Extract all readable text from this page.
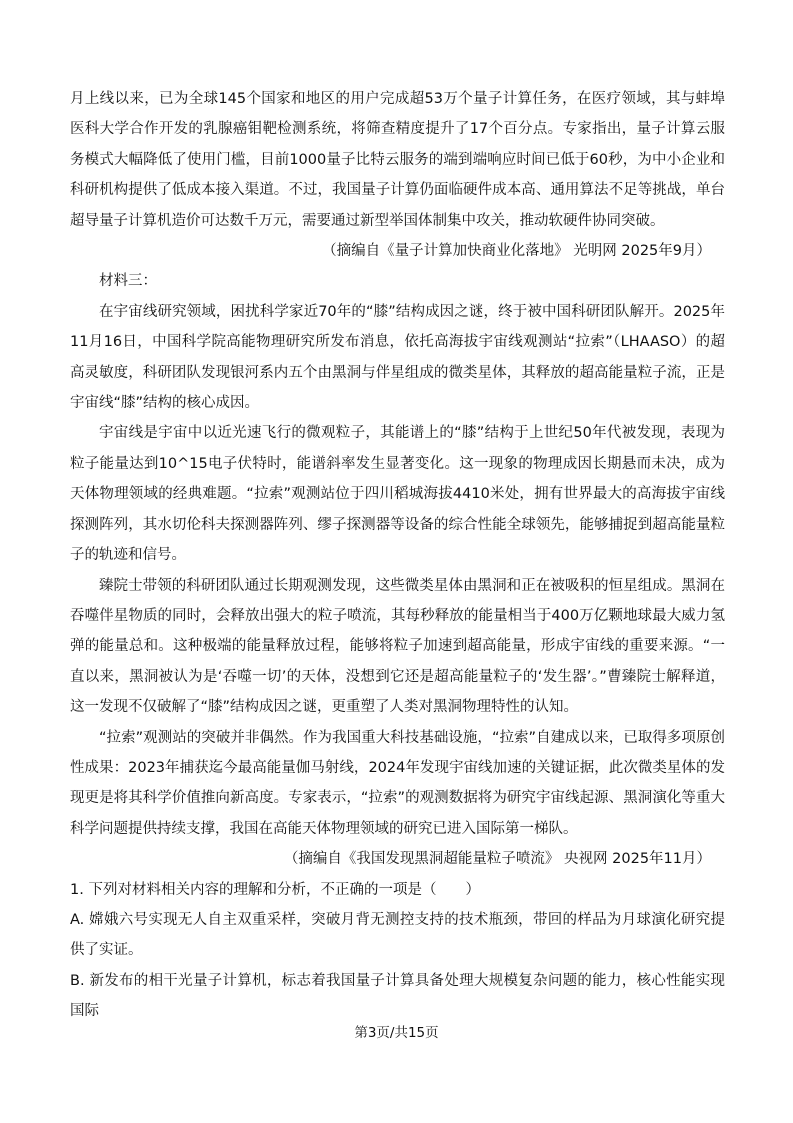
月上线以来，已为全球145个国家和地区的用户完成超53万个量子计算任务，在医疗领域，其与蚌埠医科大学合作开发的乳腺癌钼靶检测系统，将筛查精度提升了17个百分点。专家指出，量子计算云服务模式大幅降低了使用门槛，目前1000量子比特云服务的端到端响应时间已低于60秒，为中小企业和科研机构提供了低成本接入渠道。不过，我国量子计算仍面临硬件成本高、通用算法不足等挑战，单台超导量子计算机造价可达数千万元，需要通过新型举国体制集中攻关，推动软硬件协同突破。

（摘编自《量子计算加快商业化落地》 光明网 2025年9月）

材料三：

在宇宙线研究领域，困扰科学家近70年的“膝”结构成因之谜，终于被中国科研团队解开。2025年11月16日，中国科学院高能物理研究所发布消息，依托高海拔宇宙线观测站“拉索”（LHAASO）的超高灵敏度，科研团队发现银河系内五个由黑洞与伴星组成的微类星体，其释放的超高能量粒子流，正是宇宙线“膝”结构的核心成因。

宇宙线是宇宙中以近光速飞行的微观粒子，其能谱上的“膝”结构于上世纪50年代被发现，表现为粒子能量达到10^15电子伏特时，能谱斜率发生显著变化。这一现象的物理成因长期悬而未决，成为天体物理领域的经典难题。“拉索”观测站位于四川稻城海拔4410米处，拥有世界最大的高海拔宇宙线探测阵列，其水切伦科夫探测器阵列、缪子探测器等设备的综合性能全球领先，能够捕捉到超高能量粒子的轨迹和信号。

臻院士带领的科研团队通过长期观测发现，这些微类星体由黑洞和正在被吸积的恒星组成。黑洞在吞噬伴星物质的同时，会释放出强大的粒子喷流，其每秒释放的能量相当于400万亿颗地球最大威力氢弹的能量总和。这种极端的能量释放过程，能够将粒子加速到超高能量，形成宇宙线的重要来源。“一直以来，黑洞被认为是‘吞噬一切’的天体，没想到它还是超高能量粒子的‘发生器’。”曹臻院士解释道，这一发现不仅破解了“膝”结构成因之谜，更重塑了人类对黑洞物理特性的认知。

“拉索”观测站的突破并非偶然。作为我国重大科技基础设施，“拉索”自建成以来，已取得多项原创性成果：2023年捕获迄今最高能量伽马射线，2024年发现宇宙线加速的关键证据，此次微类星体的发现更是将其科学价值推向新高度。专家表示，“拉索”的观测数据将为研究宇宙线起源、黑洞演化等重大科学问题提供持续支撑，我国在高能天体物理领域的研究已进入国际第一梯队。

（摘编自《我国发现黑洞超能量粒子喷流》 央视网 2025年11月）

1. 下列对材料相关内容的理解和分析，不正确的一项是（　　）

A. 嫦娥六号实现无人自主双重采样，突破月背无测控支持的技术瓶颈，带回的样品为月球演化研究提供了实证。

B. 新发布的相干光量子计算机，标志着我国量子计算具备处理大规模复杂问题的能力，核心性能实现国际

第3页/共15页
